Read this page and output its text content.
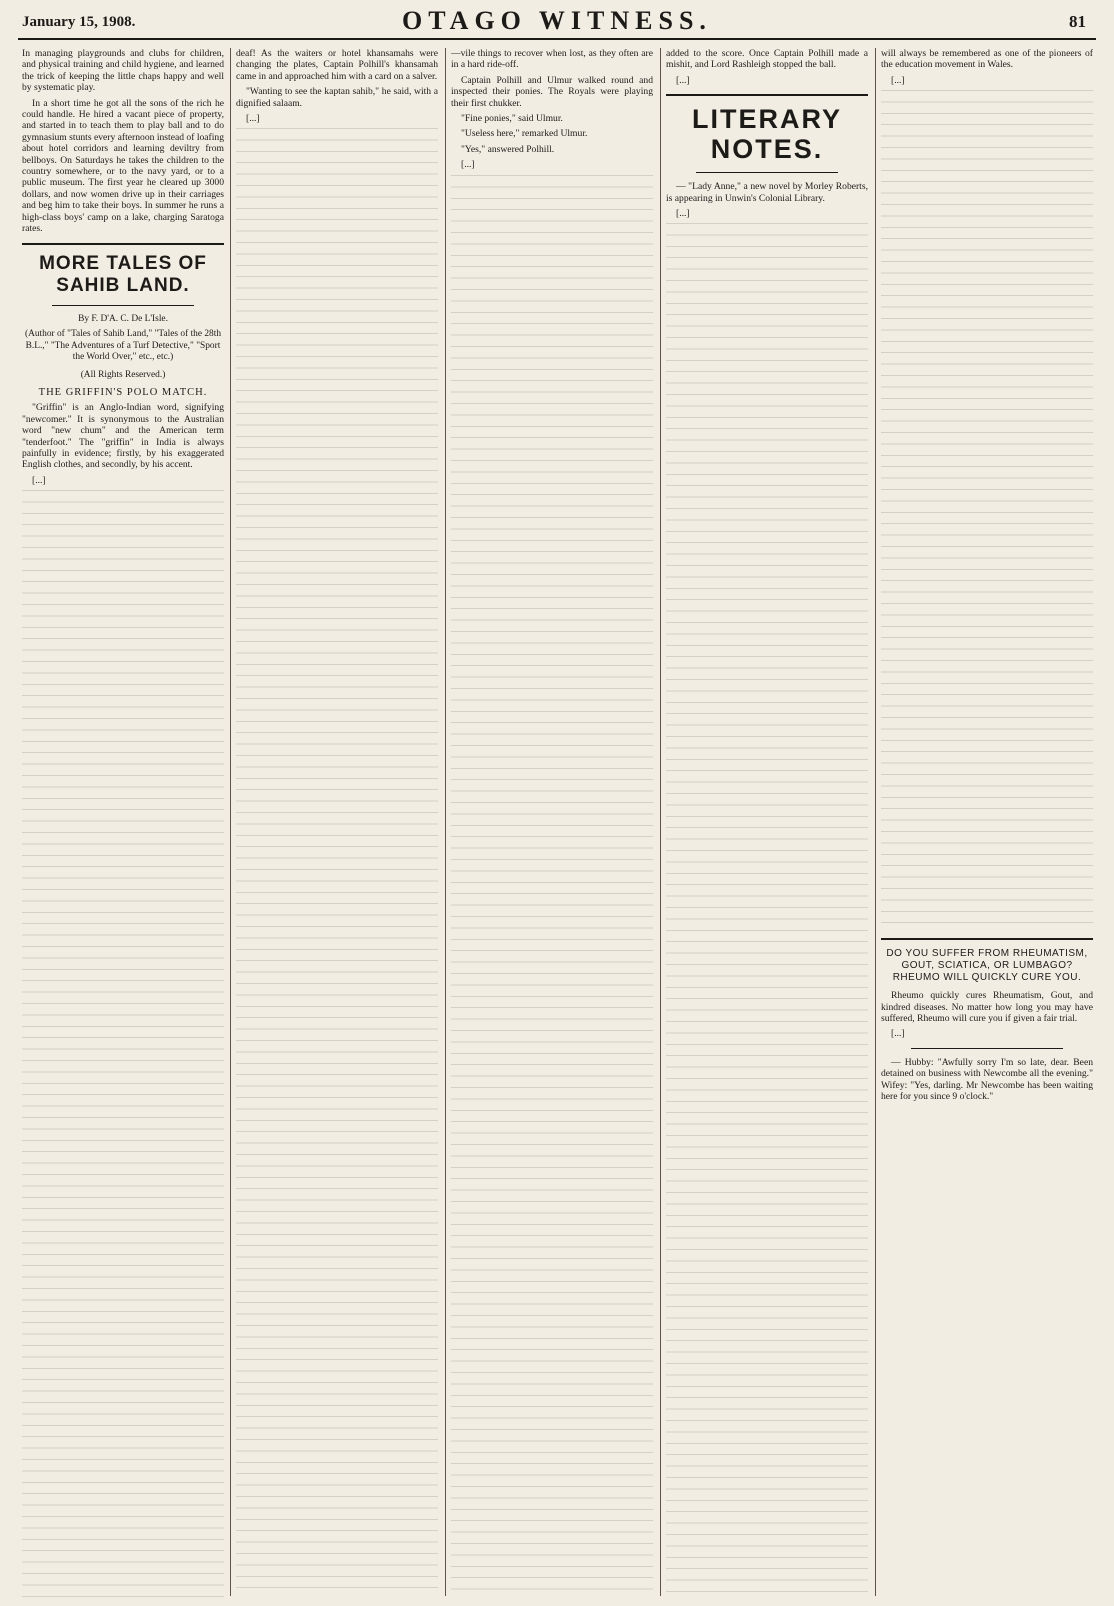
January 15, 1908.	OTAGO WITNESS.	81

In managing playgrounds and clubs for children, and physical training and child hygiene, and learned the trick of keeping the little chaps happy and well by systematic play.

In a short time he got all the sons of the rich he could handle. He hired a vacant piece of property, and started in to teach them to play ball and to do gymnasium stunts every afternoon instead of loafing about hotel corridors and learning deviltry from bellboys. On Saturdays he takes the children to the country somewhere, or to the navy yard, or to a public museum. The first year he cleared up 3000 dollars, and now women drive up in their carriages and beg him to take their boys. In summer he runs a high-class boys' camp on a lake, charging Saratoga rates.

MORE TALES OF SAHIB LAND.
By F. D'A. C. De L'Isle.
(Author of "Tales of Sahib Land," "Tales of the 28th B.L.," "The Adventures of a Turf Detective," "Sport the World Over," etc., etc.)
(All Rights Reserved.)
THE GRIFFIN'S POLO MATCH.

"Griffin" is an Anglo-Indian word, signifying "newcomer." It is synonymous to the Australian word "new chum" and the American term "tenderfoot." The "griffin" in India is always painfully in evidence; firstly, by his exaggerated English clothes, and secondly, by his accent.

[...]

deaf! As the waiters or hotel khansamahs were changing the plates, Captain Polhill's khansamah came in and approached him with a card on a salver.

"Wanting to see the kaptan sahib," he said, with a dignified salaam.

[...]

—vile things to recover when lost, as they often are in a hard ride-off.

Captain Polhill and Ulmur walked round and inspected their ponies. The Royals were playing their first chukker.

"Fine ponies," said Ulmur.

"Useless here," remarked Ulmur.

"Yes," answered Polhill.

[...]

added to the score. Once Captain Polhill made a mishit, and Lord Rashleigh stopped the ball.

[...]

LITERARY NOTES.

— "Lady Anne," a new novel by Morley Roberts, is appearing in Unwin's Colonial Library.

[...]

will always be remembered as one of the pioneers of the education movement in Wales.

[...]

DO YOU SUFFER FROM RHEUMATISM, GOUT, SCIATICA, OR LUMBAGO? RHEUMO WILL QUICKLY CURE YOU.

Rheumo quickly cures Rheumatism, Gout, and kindred diseases. No matter how long you may have suffered, Rheumo will cure you if given a fair trial.

[...]

— Hubby: "Awfully sorry I'm so late, dear. Been detained on business with Newcombe all the evening." Wifey: "Yes, darling. Mr Newcombe has been waiting here for you since 9 o'clock."
